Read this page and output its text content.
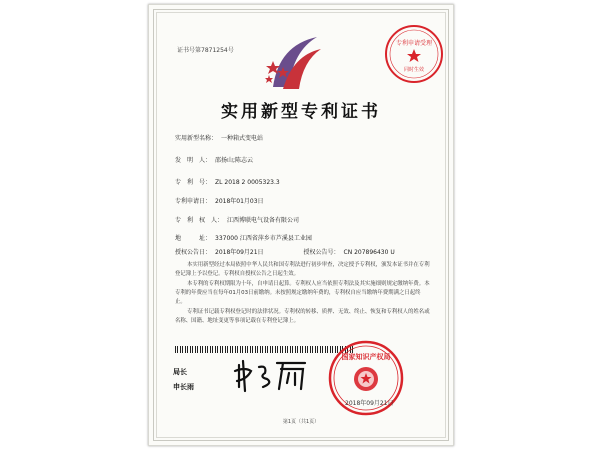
证书号第7871254号
专利申请受理
同时生效
实用新型专利证书
实用新型名称： 一种箱式变电站
发　明　人： 邵扬山;陈志云
专　利　号： ZL 2018 2 0005323.3
专利申请日： 2018年01月03日
专　利　权　人： 江西博联电气设备有限公司
地　　　址： 337000 江西省萍乡市芦溪县工业园
授权公告日： 2018年09月21日	授权公告号： CN 207896430 U

本实用新型经过本局依照中华人民共和国专利法进行初步审查，决定授予专利权，颁发本证书并在专利登记簿上予以登记。专利权自授权公告之日起生效。

本专利的专利权期限为十年，自申请日起算。专利权人应当依照专利法及其实施细则规定缴纳年费。本专利的年费应当在每年01月03日前缴纳。未按照规定缴纳年费的，专利权自应当缴纳年费期满之日起终止。

专利证书记载专利权登记时的法律状况。专利权的转移、质押、无效、终止、恢复和专利权人的姓名或名称、国籍、地址变更等事项记载在专利登记簿上。

局长
申长雨
国家知识产权局
2018年09月21日
第1页（共1页）
